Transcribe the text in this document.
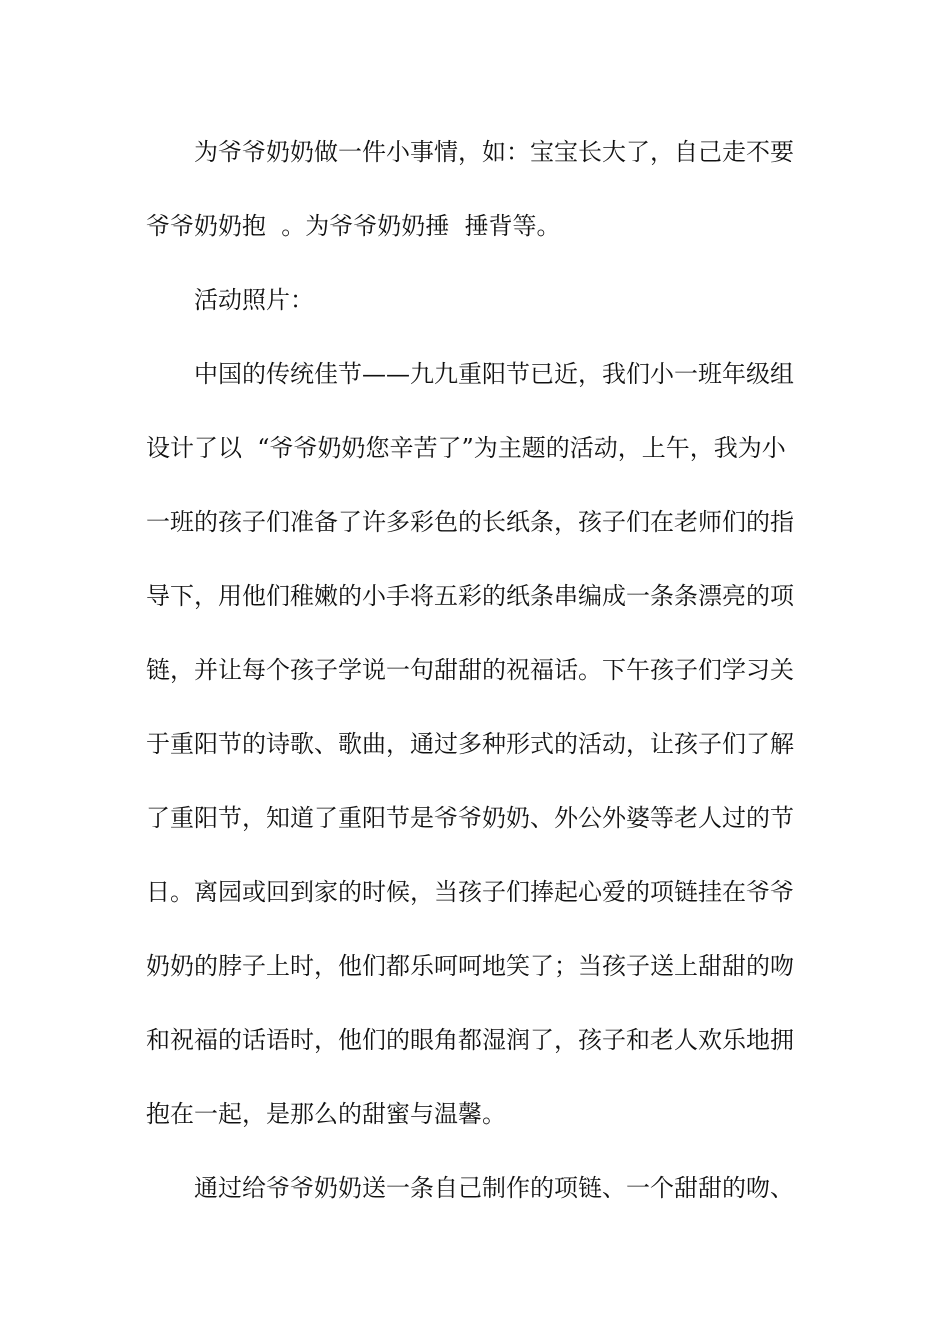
为爷爷奶奶做一件小事情，如：宝宝长大了，自己走不要
爷爷奶奶抱  。为爷爷奶奶捶  捶背等。
活动照片：
中国的传统佳节——九九重阳节已近，我们小一班年级组
设计了以  “爷爷奶奶您辛苦了”为主题的活动，上午，我为小
一班的孩子们准备了许多彩色的长纸条，孩子们在老师们的指
导下，用他们稚嫩的小手将五彩的纸条串编成一条条漂亮的项
链，并让每个孩子学说一句甜甜的祝福话。下午孩子们学习关
于重阳节的诗歌、歌曲，通过多种形式的活动，让孩子们了解
了重阳节，知道了重阳节是爷爷奶奶、外公外婆等老人过的节
日。离园或回到家的时候，当孩子们捧起心爱的项链挂在爷爷
奶奶的脖子上时，他们都乐呵呵地笑了；当孩子送上甜甜的吻
和祝福的话语时，他们的眼角都湿润了，孩子和老人欢乐地拥
抱在一起，是那么的甜蜜与温馨。
通过给爷爷奶奶送一条自己制作的项链、一个甜甜的吻、
